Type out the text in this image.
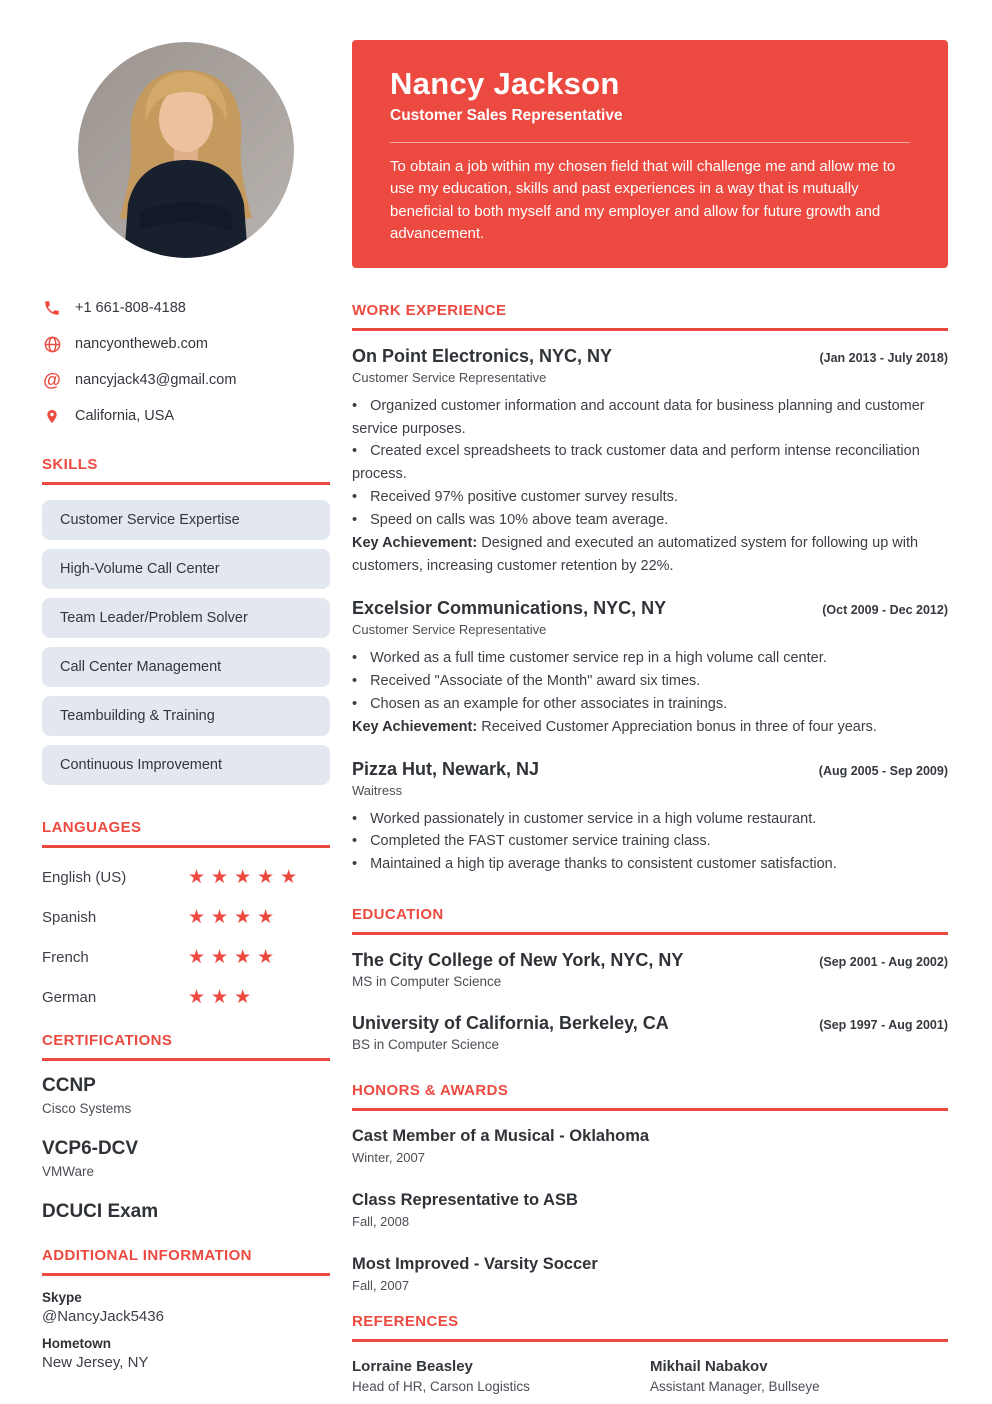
+1 661-808-4188
nancyontheweb.com
@ nancyjack43@gmail.com
California, USA
SKILLS
Customer Service Expertise
High-Volume Call Center
Team Leader/Problem Solver
Call Center Management
Teambuilding & Training
Continuous Improvement
LANGUAGES
English (US)	★★★★★
Spanish	★★★★
French	★★★★
German	★★★
CERTIFICATIONS
CCNP
Cisco Systems
VCP6-DCV
VMWare
DCUCI Exam
ADDITIONAL INFORMATION
Skype
@NancyJack5436
Hometown
New Jersey, NY
Nancy Jackson
Customer Sales Representative

To obtain a job within my chosen field that will challenge me and allow me to use my education, skills and past experiences in a way that is mutually beneficial to both myself and my employer and allow for future growth and advancement.

WORK EXPERIENCE
On Point Electronics, NYC, NY	(Jan 2013 - July 2018)
Customer Service Representative
• Organized customer information and account data for business planning and customer service purposes.
• Created excel spreadsheets to track customer data and perform intense reconciliation process.
• Received 97% positive customer survey results.
• Speed on calls was 10% above team average.

Key Achievement: Designed and executed an automatized system for following up with customers, increasing customer retention by 22%.

Excelsior Communications, NYC, NY	(Oct 2009 - Dec 2012)
Customer Service Representative
• Worked as a full time customer service rep in a high volume call center.
• Received "Associate of the Month" award six times.
• Chosen as an example for other associates in trainings.

Key Achievement: Received Customer Appreciation bonus in three of four years.

Pizza Hut, Newark, NJ	(Aug 2005 - Sep 2009)
Waitress
• Worked passionately in customer service in a high volume restaurant.
• Completed the FAST customer service training class.
• Maintained a high tip average thanks to consistent customer satisfaction.
EDUCATION
The City College of New York, NYC, NY	(Sep 2001 - Aug 2002)
MS in Computer Science
University of California, Berkeley, CA	(Sep 1997 - Aug 2001)
BS in Computer Science
HONORS & AWARDS
Cast Member of a Musical - Oklahoma
Winter, 2007
Class Representative to ASB
Fall, 2008
Most Improved - Varsity Soccer
Fall, 2007
REFERENCES
Lorraine Beasley
Head of HR, Carson Logistics
Mikhail Nabakov
Assistant Manager, Bullseye
